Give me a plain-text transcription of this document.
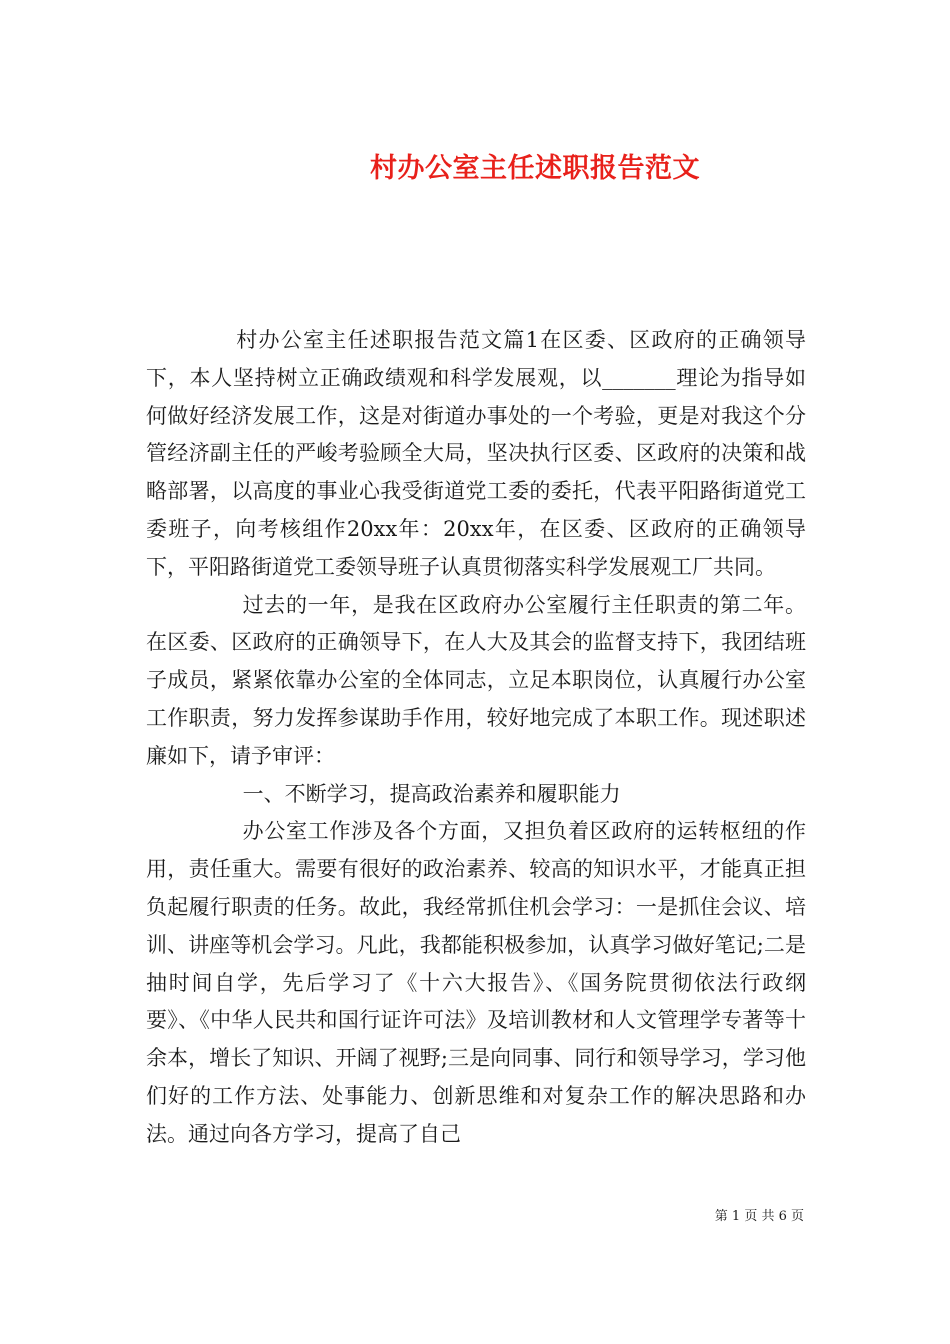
村办公室主任述职报告范文

村办公室主任述职报告范文篇1在区委、区政府的正确领导下，本人坚持树立正确政绩观和科学发展观，以_______理论为指导如何做好经济发展工作，这是对街道办事处的一个考验，更是对我这个分管经济副主任的严峻考验顾全大局，坚决执行区委、区政府的决策和战略部署，以高度的事业心我受街道党工委的委托，代表平阳路街道党工委班子，向考核组作20xx年：20xx年，在区委、区政府的正确领导下，平阳路街道党工委领导班子认真贯彻落实科学发展观工厂共同。

过去的一年，是我在区政府办公室履行主任职责的第二年。在区委、区政府的正确领导下，在人大及其会的监督支持下，我团结班子成员，紧紧依靠办公室的全体同志，立足本职岗位，认真履行办公室工作职责，努力发挥参谋助手作用，较好地完成了本职工作。现述职述廉如下，请予审评：

一、不断学习，提高政治素养和履职能力

办公室工作涉及各个方面，又担负着区政府的运转枢纽的作用，责任重大。需要有很好的政治素养、较高的知识水平，才能真正担负起履行职责的任务。故此，我经常抓住机会学习：一是抓住会议、培训、讲座等机会学习。凡此，我都能积极参加，认真学习做好笔记;二是抽时间自学，先后学习了《十六大报告》、《国务院贯彻依法行政纲要》、《中华人民共和国行证许可法》及培训教材和人文管理学专著等十余本，增长了知识、开阔了视野;三是向同事、同行和领导学习，学习他们好的工作方法、处事能力、创新思维和对复杂工作的解决思路和办法。通过向各方学习，提高了自己

第 1 页 共 6 页
